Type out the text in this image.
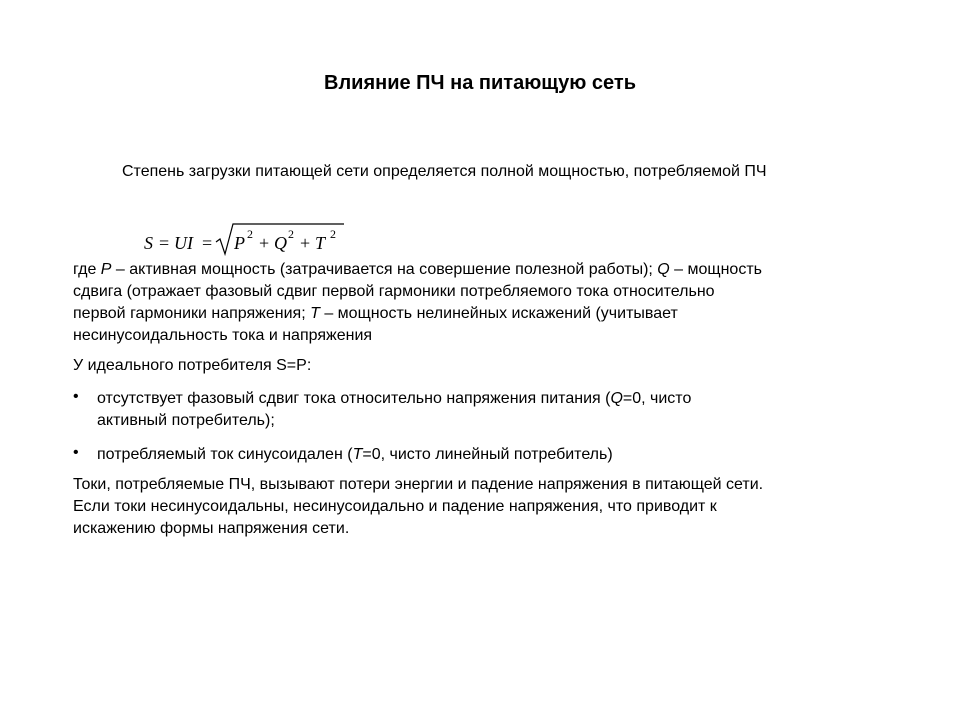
Влияние ПЧ на питающую сеть
Степень загрузки питающей сети определяется полной мощностью, потребляемой ПЧ
S = UI = P 2 + Q 2 + T 2
где P – активная мощность (затрачивается на совершение полезной работы); Q – мощность
сдвига (отражает фазовый сдвиг первой гармоники потребляемого тока относительно
первой гармоники напряжения; T – мощность нелинейных искажений (учитывает
несинусоидальность тока и напряжения
У идеального потребителя S=P:
• отсутствует фазовый сдвиг тока относительно напряжения питания (Q=0, чисто
активный потребитель);
• потребляемый ток синусоидален (T=0, чисто линейный потребитель)
Токи, потребляемые ПЧ, вызывают потери энергии и падение напряжения в питающей сети.
Если токи несинусоидальны, несинусоидально и падение напряжения, что приводит к
искажению формы напряжения сети.
